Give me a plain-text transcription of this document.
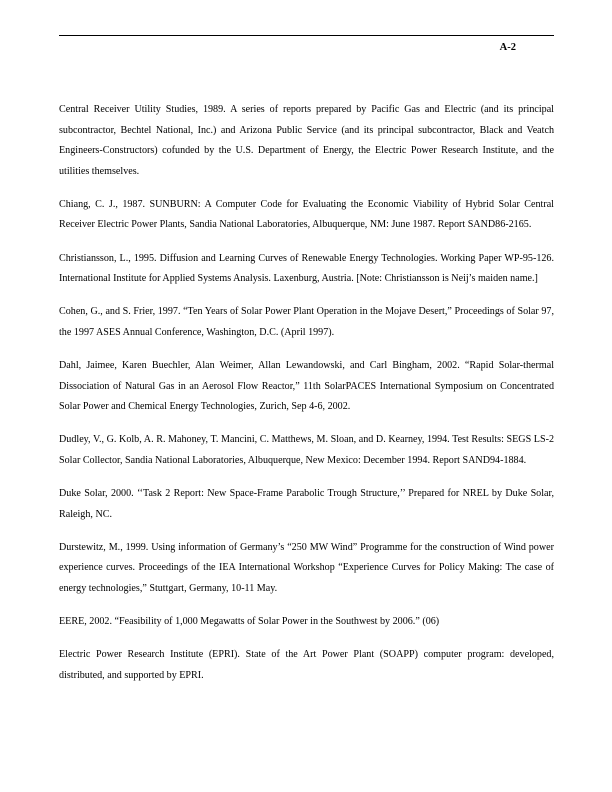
A-2

Central Receiver Utility Studies, 1989. A series of reports prepared by Pacific Gas and Electric (and its principal subcontractor, Bechtel National, Inc.) and Arizona Public Service (and its principal subcontractor, Black and Veatch Engineers-Constructors) cofunded by the U.S. Department of Energy, the Electric Power Research Institute, and the utilities themselves.

Chiang, C. J., 1987. SUNBURN: A Computer Code for Evaluating the Economic Viability of Hybrid Solar Central Receiver Electric Power Plants, Sandia National Laboratories, Albuquerque, NM: June 1987. Report SAND86-2165.

Christiansson, L., 1995. Diffusion and Learning Curves of Renewable Energy Technologies. Working Paper WP-95-126. International Institute for Applied Systems Analysis. Laxenburg, Austria. [Note: Christiansson is Neij’s maiden name.]

Cohen, G., and S. Frier, 1997. “Ten Years of Solar Power Plant Operation in the Mojave Desert,” Proceedings of Solar 97, the 1997 ASES Annual Conference, Washington, D.C. (April 1997).

Dahl, Jaimee, Karen Buechler, Alan Weimer, Allan Lewandowski, and Carl Bingham, 2002. “Rapid Solar-thermal Dissociation of Natural Gas in an Aerosol Flow Reactor,” 11th SolarPACES International Symposium on Concentrated Solar Power and Chemical Energy Technologies, Zurich, Sep 4-6, 2002.

Dudley, V., G. Kolb, A. R. Mahoney, T. Mancini, C. Matthews, M. Sloan, and D. Kearney, 1994. Test Results: SEGS LS-2 Solar Collector, Sandia National Laboratories, Albuquerque, New Mexico: December 1994. Report SAND94-1884.

Duke Solar, 2000. ‘‘Task 2 Report: New Space-Frame Parabolic Trough Structure,’’ Prepared for NREL by Duke Solar, Raleigh, NC.

Durstewitz, M., 1999. Using information of Germany’s “250 MW Wind” Programme for the construction of Wind power experience curves. Proceedings of the IEA International Workshop “Experience Curves for Policy Making: The case of energy technologies,” Stuttgart, Germany, 10-11 May.

EERE, 2002. “Feasibility of 1,000 Megawatts of Solar Power in the Southwest by 2006.” (06)

Electric Power Research Institute (EPRI). State of the Art Power Plant (SOAPP) computer program: developed, distributed, and supported by EPRI.
